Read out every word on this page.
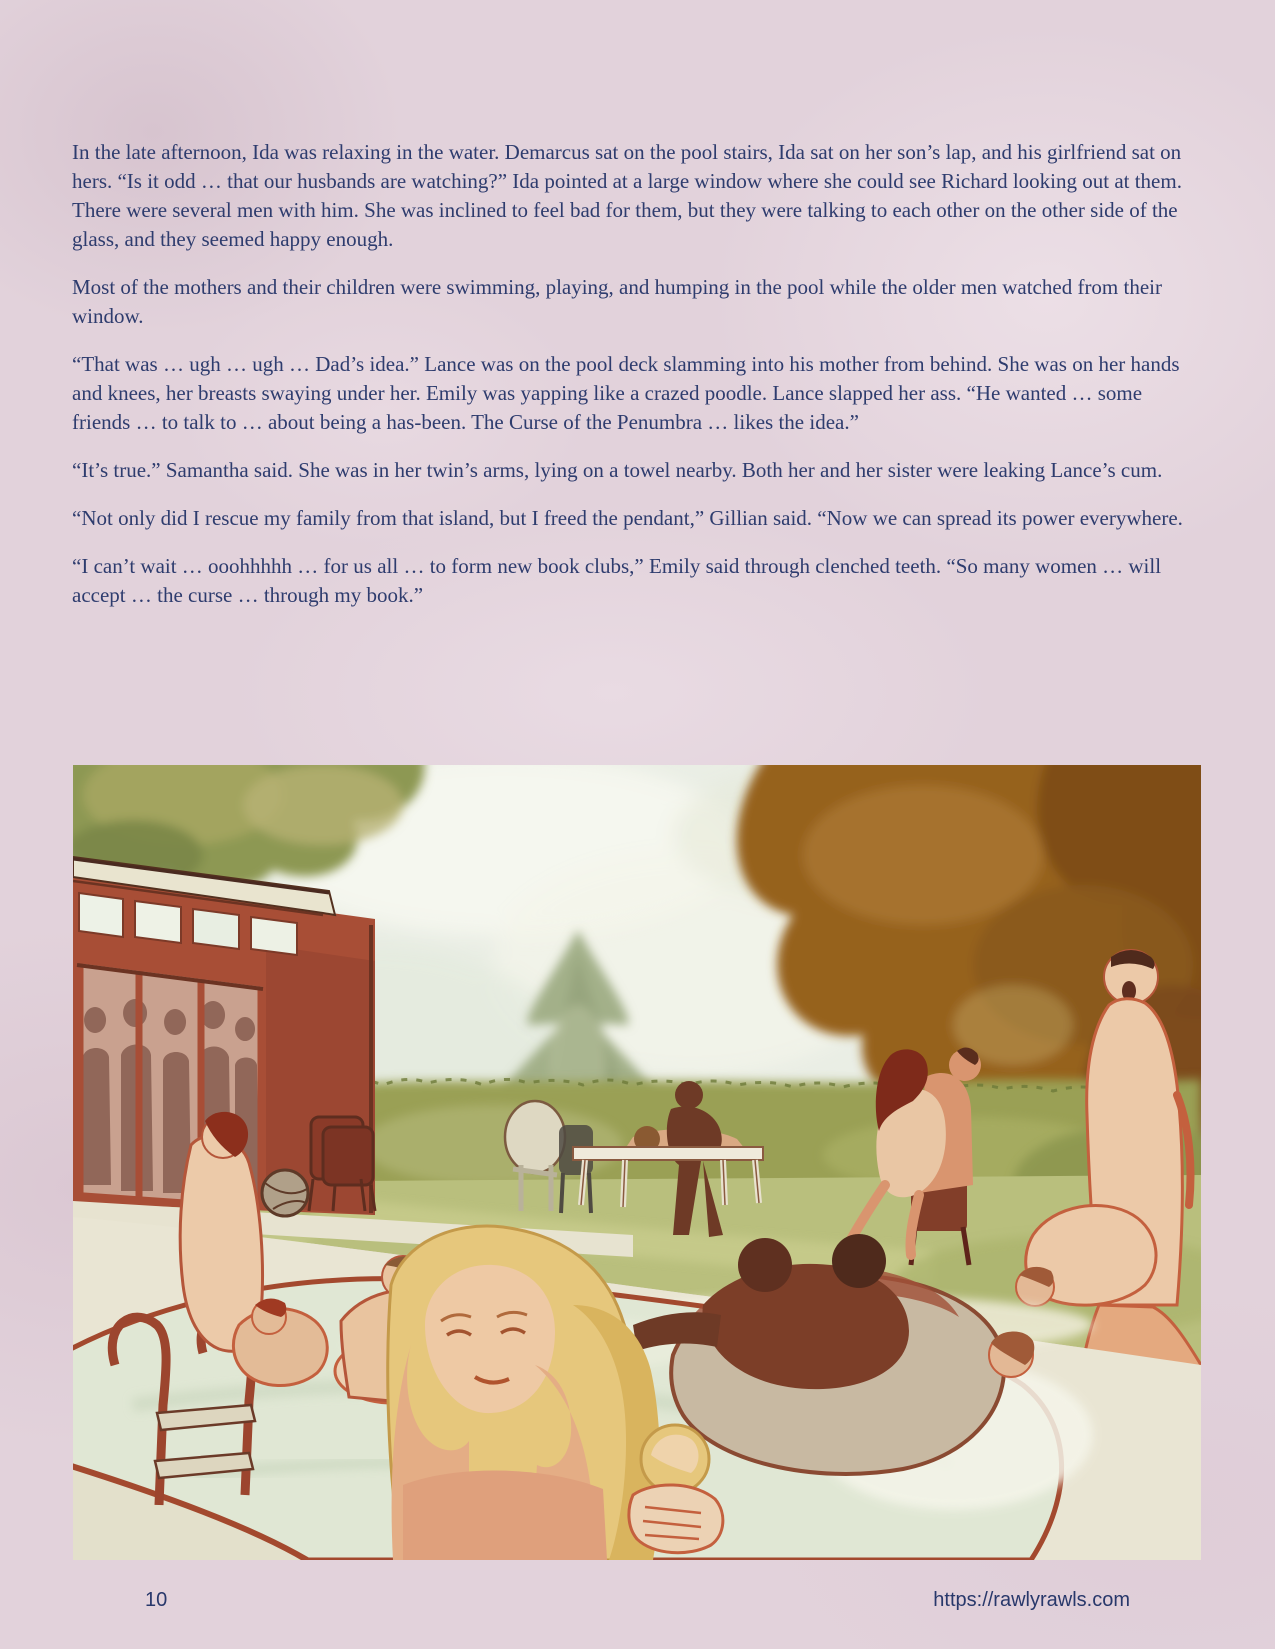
In the late afternoon, Ida was relaxing in the water. Demarcus sat on the pool stairs, Ida sat on her son’s lap, and his girlfriend sat on hers. “Is it odd … that our husbands are watching?” Ida pointed at a large window where she could see Richard looking out at them. There were several men with him. She was inclined to feel bad for them, but they were talking to each other on the other side of the glass, and they seemed happy enough.

Most of the mothers and their children were swimming, playing, and humping in the pool while the older men watched from their window.

“That was … ugh … ugh … Dad’s idea.” Lance was on the pool deck slamming into his mother from behind. She was on her hands and knees, her breasts swaying under her. Emily was yapping like a crazed poodle. Lance slapped her ass. “He wanted … some friends … to talk to … about being a has-been. The Curse of the Penumbra … likes the idea.”

“It’s true.” Samantha said. She was in her twin’s arms, lying on a towel nearby. Both her and her sister were leaking Lance’s cum.

“Not only did I rescue my family from that island, but I freed the pendant,” Gillian said. “Now we can spread its power everywhere.

“I can’t wait … ooohhhhh … for us all … to form new book clubs,” Emily said through clenched teeth. “So many women … will accept … the curse … through my book.”

10	https://rawlyrawls.com
